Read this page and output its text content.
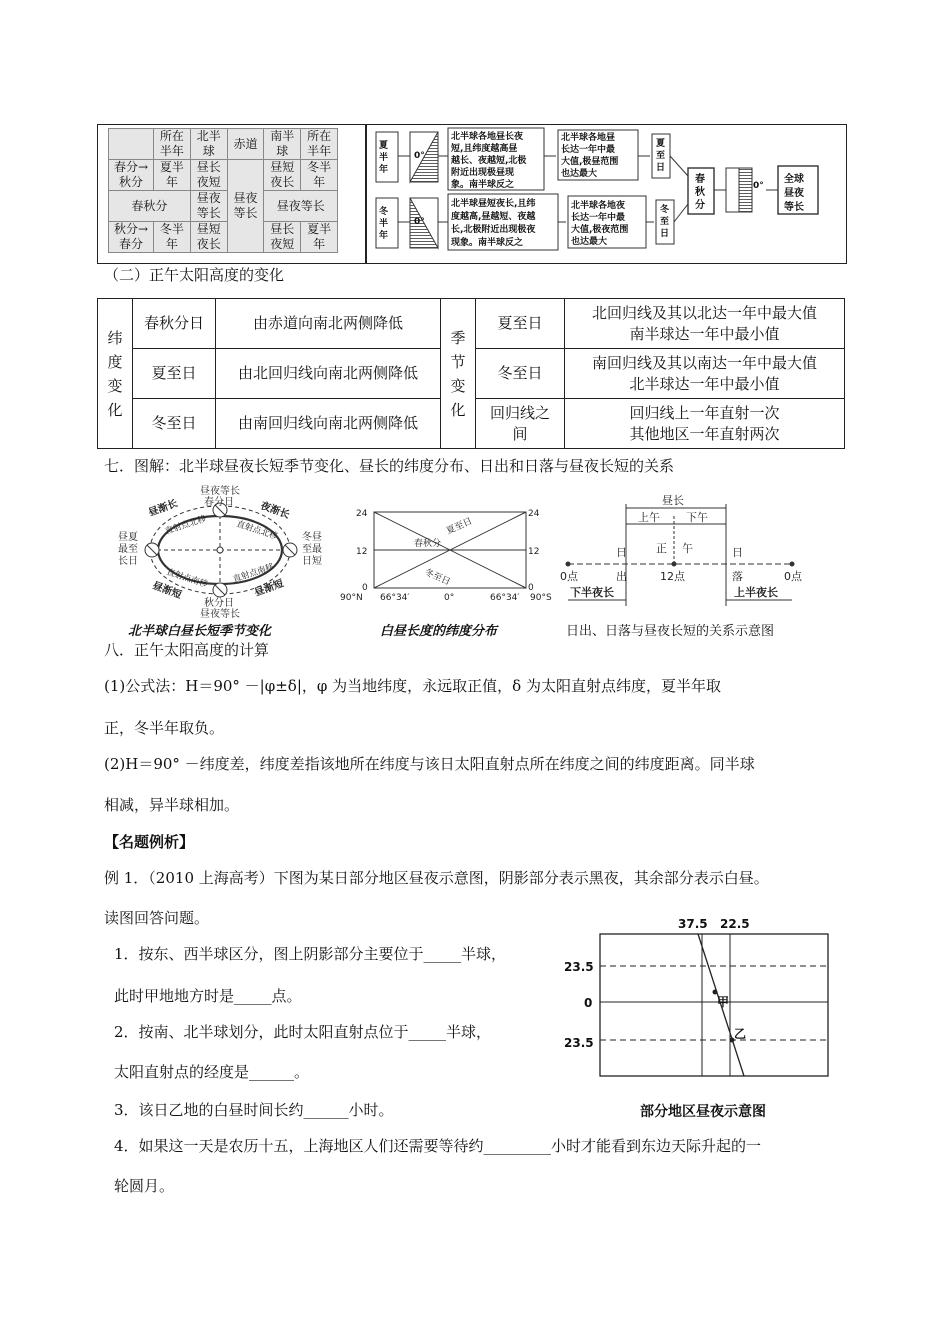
	所在半年	北半球	赤道	南半球	所在半年
春分→秋分	夏半年	昼长夜短	昼夜等长	昼短夜长	冬半年
春秋分		昼夜等长		昼夜等长	
秋分→春分	冬半年	昼短夜长		昼长夜短	夏半年
夏
半
年
0°
北半球各地昼长夜
短,且纬度越高昼
越长、夜越短,北极
附近出现极昼现
象。南半球反之
北半球各地昼
长达一年中最
大值,极昼范围
也达最大
夏
至
日
冬
半
年
0°
北半球昼短夜长,且纬
度越高,昼越短、夜越
长,北极附近出现极夜
现象。南半球反之
北半球各地夜
长达一年中最
大值,极夜范围
也达最大
冬
至
日
春
秋
分
0°
全球
昼夜
等长
（二）正午太阳高度的变化
纬度变化	春秋分日	由赤道向南北两侧降低	季节变化	夏至日	北回归线及其以北达一年中最大值
南半球达一年中最小值

	夏至日	由北回归线向南北两侧降低		冬至日	南回归线及其以南达一年中最大值
北半球达一年中最小值

	冬至日	由南回归线向南北两侧降低		回归线之间	回归线上一年直射一次
其他地区一年直射两次
七．图解：北半球昼夜长短季节变化、昼长的纬度分布、日出和日落与昼夜长短的关系
昼夜等长
春分日
秋分日
昼夜等长
昼夏
最至
长日
冬昼
至最
日短
昼渐长	夜渐长
昼渐短	昼渐短
直射点北移	直射点北移
直射点南移	直射点南移
北半球白昼长短季节变化
24	24
12	12
0	0
90°N 66°34′	0°	66°34′ 90°S
夏至日
春秋分
冬至日
白昼长度的纬度分布
昼长
上午 下午
正 午
日
出
日
落
0点	12点	0点
下半夜长	上半夜长
日出、日落与昼夜长短的关系示意图
八．正午太阳高度的计算
(1)公式法：H＝90° －|φ±δ|，φ 为当地纬度，永远取正值，δ 为太阳直射点纬度，夏半年取
正，冬半年取负。
(2)H＝90° －纬度差，纬度差指该地所在纬度与该日太阳直射点所在纬度之间的纬度距离。同半球
相减，异半球相加。
【名题例析】
例 1．（2010 上海高考）下图为某日部分地区昼夜示意图，阴影部分表示黑夜，其余部分表示白昼。
读图回答问题。
1．按东、西半球区分，图上阴影部分主要位于_____半球，
此时甲地地方时是_____点。
2．按南、北半球划分，此时太阳直射点位于_____半球，
太阳直射点的经度是______。
3．该日乙地的白昼时间长约______小时。
4．如果这一天是农历十五，上海地区人们还需要等待约_________小时才能看到东边天际升起的一
轮圆月。
37.5 22.5
23.5
0
23.5
甲
乙
部分地区昼夜示意图
